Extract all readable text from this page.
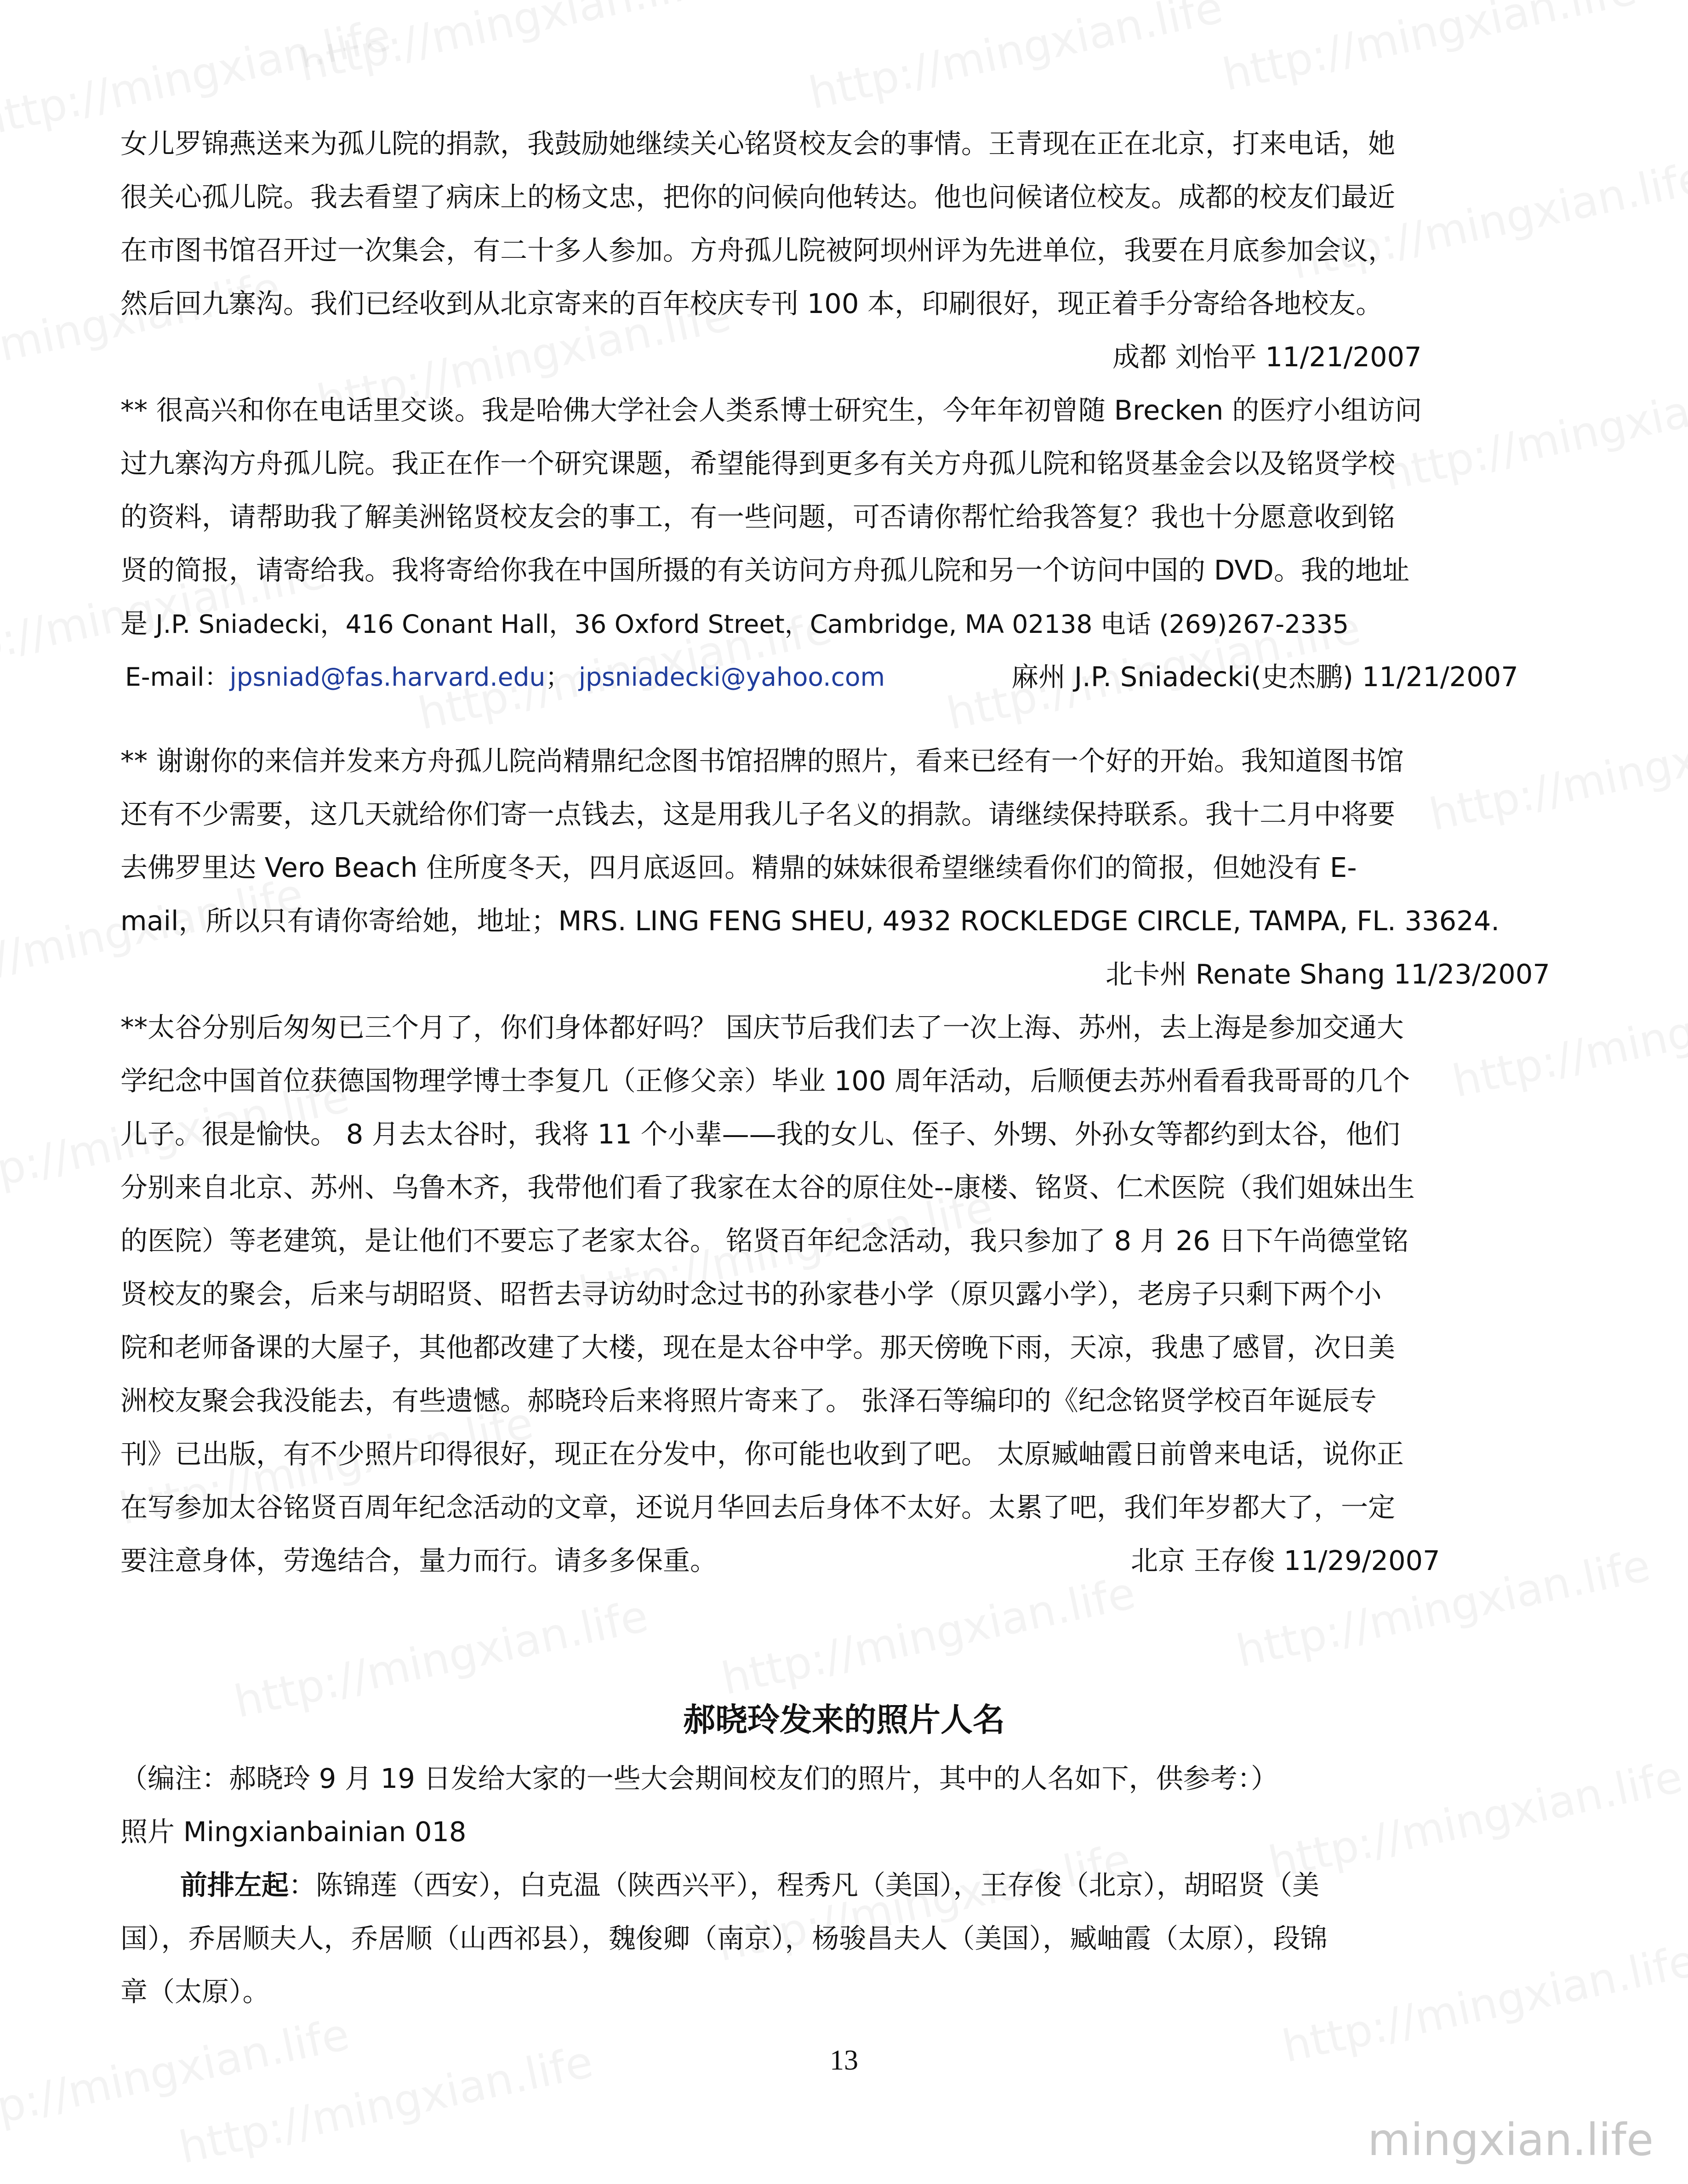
女儿罗锦燕送来为孤儿院的捐款，我鼓励她继续关心铭贤校友会的事情。王青现在正在北京，打来电话，她
很关心孤儿院。我去看望了病床上的杨文忠，把你的问候向他转达。他也问候诸位校友。成都的校友们最近
在市图书馆召开过一次集会，有二十多人参加。方舟孤儿院被阿坝州评为先进单位，我要在月底参加会议，
然后回九寨沟。我们已经收到从北京寄来的百年校庆专刊 100 本，印刷很好，现正着手分寄给各地校友。
成都 刘怡平 11/21/2007
** 很高兴和你在电话里交谈。我是哈佛大学社会人类系博士研究生，今年年初曾随 Brecken 的医疗小组访问
过九寨沟方舟孤儿院。我正在作一个研究课题，希望能得到更多有关方舟孤儿院和铭贤基金会以及铭贤学校
的资料，请帮助我了解美洲铭贤校友会的事工，有一些问题，可否请你帮忙给我答复？我也十分愿意收到铭
贤的简报，请寄给我。我将寄给你我在中国所摄的有关访问方舟孤儿院和另一个访问中国的 DVD。我的地址
是 J.P. Sniadecki，416 Conant Hall，36 Oxford Street，Cambridge, MA 02138 电话 (269)267-2335
E-mail：jpsniad@fas.harvard.edu； jpsniadecki@yahoo.com	麻州 J.P. Sniadecki(史杰鹏) 11/21/2007
** 谢谢你的来信并发来方舟孤儿院尚精鼎纪念图书馆招牌的照片，看来已经有一个好的开始。我知道图书馆
还有不少需要，这几天就给你们寄一点钱去，这是用我儿子名义的捐款。请继续保持联系。我十二月中将要
去佛罗里达 Vero Beach 住所度冬天，四月底返回。精鼎的妹妹很希望继续看你们的简报，但她没有 E-
mail，所以只有请你寄给她，地址；MRS. LING FENG SHEU, 4932 ROCKLEDGE CIRCLE, TAMPA, FL. 33624.
北卡州 Renate Shang 11/23/2007
**太谷分别后匆匆已三个月了，你们身体都好吗？ 国庆节后我们去了一次上海、苏州，去上海是参加交通大
学纪念中国首位获德国物理学博士李复几（正修父亲）毕业 100 周年活动，后顺便去苏州看看我哥哥的几个
儿子。很是愉快。 8 月去太谷时，我将 11 个小辈——我的女儿、侄子、外甥、外孙女等都约到太谷，他们
分别来自北京、苏州、乌鲁木齐，我带他们看了我家在太谷的原住处--康楼、铭贤、仁术医院（我们姐妹出生
的医院）等老建筑，是让他们不要忘了老家太谷。 铭贤百年纪念活动，我只参加了 8 月 26 日下午尚德堂铭
贤校友的聚会，后来与胡昭贤、昭哲去寻访幼时念过书的孙家巷小学（原贝露小学），老房子只剩下两个小
院和老师备课的大屋子，其他都改建了大楼，现在是太谷中学。那天傍晚下雨，天凉，我患了感冒，次日美
洲校友聚会我没能去，有些遗憾。郝晓玲后来将照片寄来了。 张泽石等编印的《纪念铭贤学校百年诞辰专
刊》已出版，有不少照片印得很好，现正在分发中，你可能也收到了吧。 太原臧岫霞日前曾来电话，说你正
在写参加太谷铭贤百周年纪念活动的文章，还说月华回去后身体不太好。太累了吧，我们年岁都大了，一定
要注意身体，劳逸结合，量力而行。请多多保重。	北京 王存俊 11/29/2007
郝晓玲发来的照片人名
（编注：郝晓玲 9 月 19 日发给大家的一些大会期间校友们的照片，其中的人名如下，供参考：）
照片 Mingxianbainian 018
前排左起：陈锦莲（西安），白克温（陕西兴平），程秀凡（美国），王存俊（北京），胡昭贤（美
国），乔居顺夫人，乔居顺（山西祁县），魏俊卿（南京），杨骏昌夫人（美国），臧岫霞（太原），段锦
章（太原）。
13
mingxian.life
